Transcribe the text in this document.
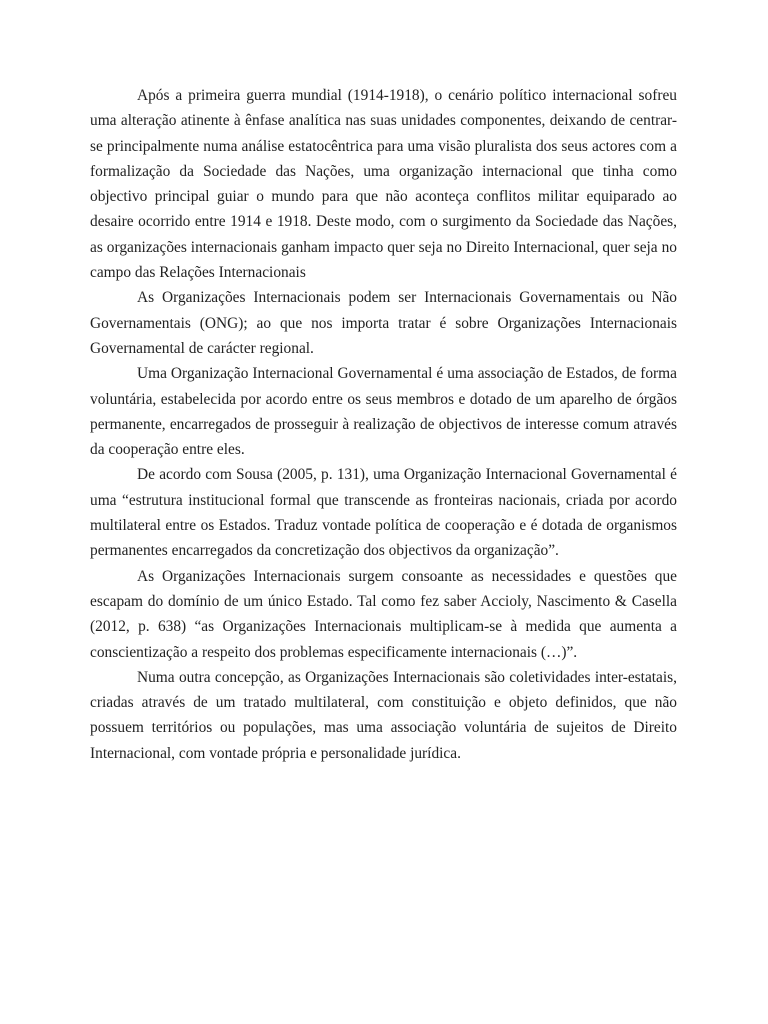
Após a primeira guerra mundial (1914-1918), o cenário político internacional sofreu uma alteração atinente à ênfase analítica nas suas unidades componentes, deixando de centrar-se principalmente numa análise estatocêntrica para uma visão pluralista dos seus actores com a formalização da Sociedade das Nações, uma organização internacional que tinha como objectivo principal guiar o mundo para que não aconteça conflitos militar equiparado ao desaire ocorrido entre 1914 e 1918. Deste modo, com o surgimento da Sociedade das Nações, as organizações internacionais ganham impacto quer seja no Direito Internacional, quer seja no campo das Relações Internacionais

As Organizações Internacionais podem ser Internacionais Governamentais ou Não Governamentais (ONG); ao que nos importa tratar é sobre Organizações Internacionais Governamental de carácter regional.

Uma Organização Internacional Governamental é uma associação de Estados, de forma voluntária, estabelecida por acordo entre os seus membros e dotado de um aparelho de órgãos permanente, encarregados de prosseguir à realização de objectivos de interesse comum através da cooperação entre eles.

De acordo com Sousa (2005, p. 131), uma Organização Internacional Governamental é uma “estrutura institucional formal que transcende as fronteiras nacionais, criada por acordo multilateral entre os Estados. Traduz vontade política de cooperação e é dotada de organismos permanentes encarregados da concretização dos objectivos da organização”.

As Organizações Internacionais surgem consoante as necessidades e questões que escapam do domínio de um único Estado. Tal como fez saber Accioly, Nascimento & Casella (2012, p. 638) “as Organizações Internacionais multiplicam-se à medida que aumenta a conscientização a respeito dos problemas especificamente internacionais (…)”.

Numa outra concepção, as Organizações Internacionais são coletividades inter-estatais, criadas através de um tratado multilateral, com constituição e objeto definidos, que não possuem territórios ou populações, mas uma associação voluntária de sujeitos de Direito Internacional, com vontade própria e personalidade jurídica.
